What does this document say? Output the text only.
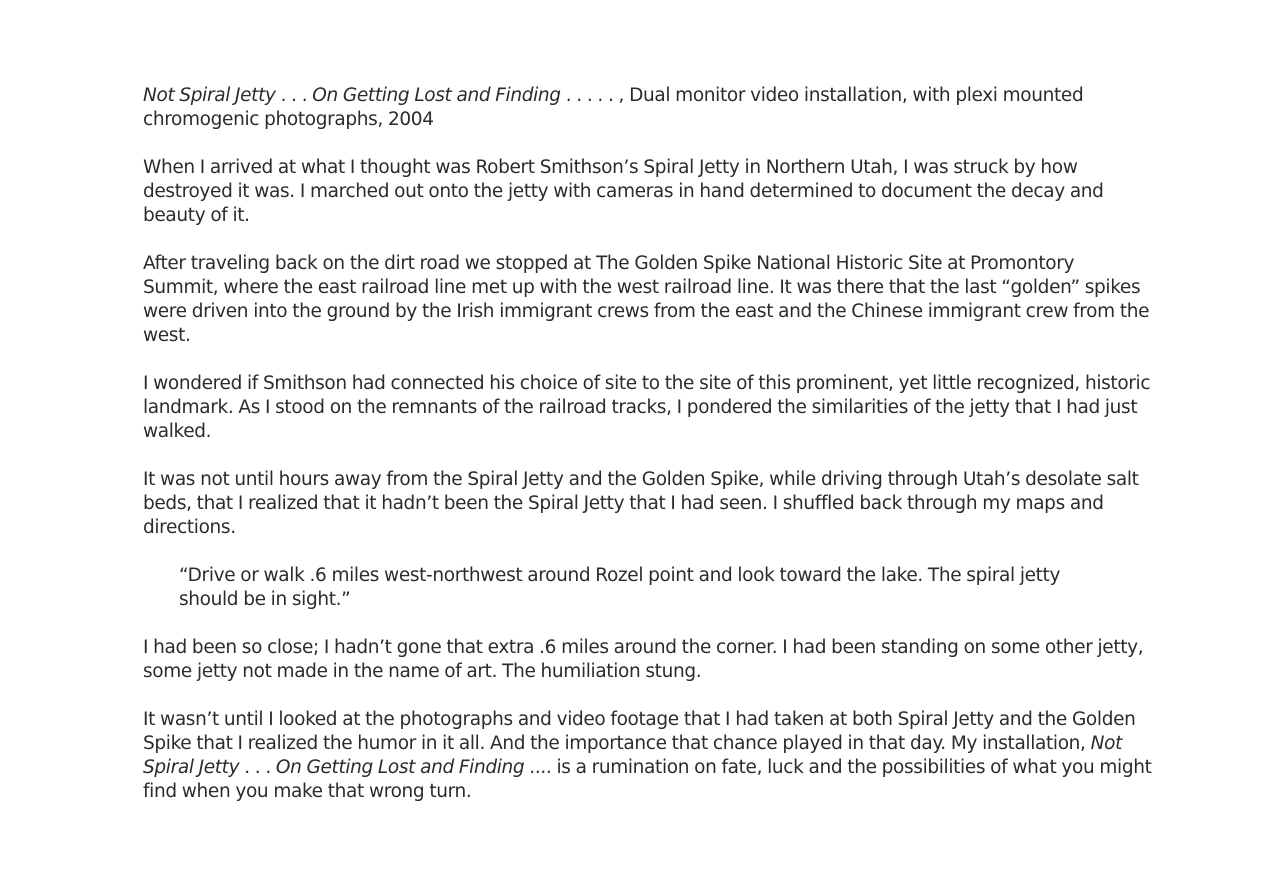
Not Spiral Jetty . . . On Getting Lost and Finding . . . . . , Dual monitor video installation, with plexi mounted chromogenic photographs, 2004

When I arrived at what I thought was Robert Smithson’s Spiral Jetty in Northern Utah, I was struck by how destroyed it was. I marched out onto the jetty with cameras in hand determined to document the decay and beauty of it.

After traveling back on the dirt road we stopped at The Golden Spike National Historic Site at Promontory Summit, where the east railroad line met up with the west railroad line. It was there that the last “golden” spikes were driven into the ground by the Irish immigrant crews from the east and the Chinese immigrant crew from the west.

I wondered if Smithson had connected his choice of site to the site of this prominent, yet little recognized, historic landmark. As I stood on the remnants of the railroad tracks, I pondered the similarities of the jetty that I had just walked.

It was not until hours away from the Spiral Jetty and the Golden Spike, while driving through Utah’s desolate salt beds, that I realized that it hadn’t been the Spiral Jetty that I had seen. I shuffled back through my maps and directions.

“Drive or walk .6 miles west-northwest around Rozel point and look toward the lake. The spiral jetty should be in sight.”

I had been so close; I hadn’t gone that extra .6 miles around the corner. I had been standing on some other jetty, some jetty not made in the name of art. The humiliation stung.

It wasn’t until I looked at the photographs and video footage that I had taken at both Spiral Jetty and the Golden Spike that I realized the humor in it all. And the importance that chance played in that day. My installation, Not Spiral Jetty . . . On Getting Lost and Finding .... is a rumination on fate, luck and the possibilities of what you might find when you make that wrong turn.
